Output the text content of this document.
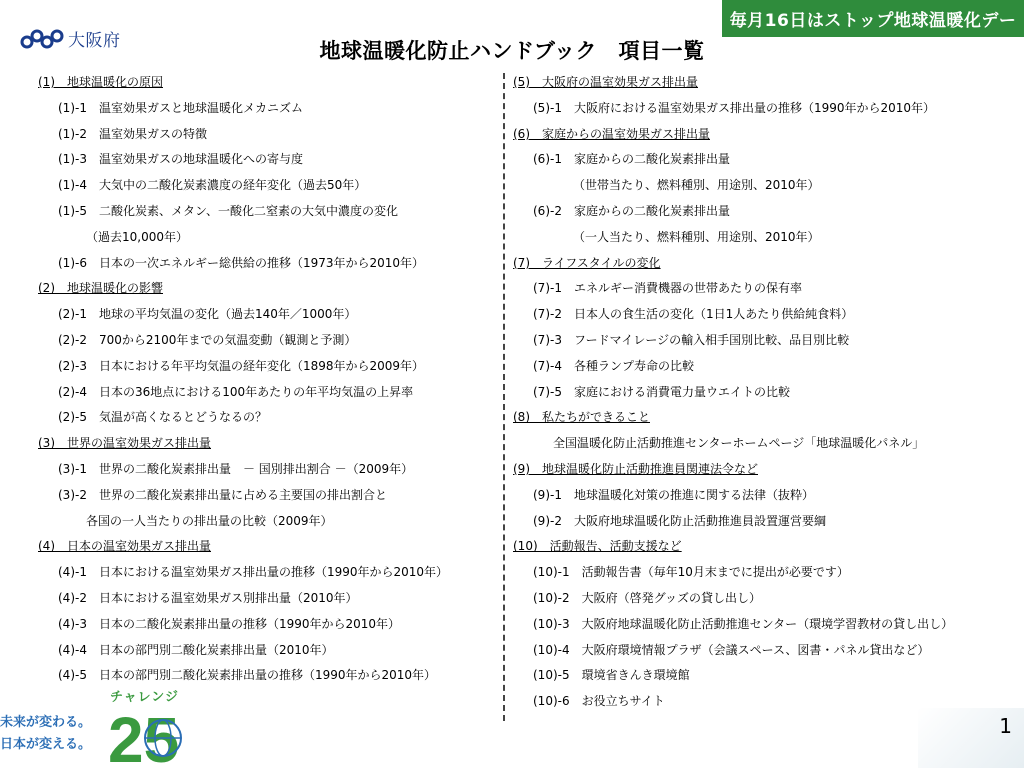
大阪府
毎月16日はストップ地球温暖化デー
地球温暖化防止ハンドブック　項目一覧
(1)　地球温暖化の原因
(1)-1　温室効果ガスと地球温暖化メカニズム
(1)-2　温室効果ガスの特徴
(1)-3　温室効果ガスの地球温暖化への寄与度
(1)-4　大気中の二酸化炭素濃度の経年変化（過去50年）
(1)-5　二酸化炭素、メタン、一酸化二窒素の大気中濃度の変化
（過去10,000年）
(1)-6　日本の一次エネルギー総供給の推移（1973年から2010年）
(2)　地球温暖化の影響
(2)-1　地球の平均気温の変化（過去140年／1000年）
(2)-2　700から2100年までの気温変動（観測と予測）
(2)-3　日本における年平均気温の経年変化（1898年から2009年）
(2)-4　日本の36地点における100年あたりの年平均気温の上昇率
(2)-5　気温が高くなるとどうなるの？
(3)　世界の温室効果ガス排出量
(3)-1　世界の二酸化炭素排出量　－ 国別排出割合 －（2009年）
(3)-2　世界の二酸化炭素排出量に占める主要国の排出割合と
各国の一人当たりの排出量の比較（2009年）
(4)　日本の温室効果ガス排出量
(4)-1　日本における温室効果ガス排出量の推移（1990年から2010年）
(4)-2　日本における温室効果ガス別排出量（2010年）
(4)-3　日本の二酸化炭素排出量の推移（1990年から2010年）
(4)-4　日本の部門別二酸化炭素排出量（2010年）
(4)-5　日本の部門別二酸化炭素排出量の推移（1990年から2010年）
(5)　大阪府の温室効果ガス排出量
(5)-1　大阪府における温室効果ガス排出量の推移（1990年から2010年）
(6)　家庭からの温室効果ガス排出量
(6)-1　家庭からの二酸化炭素排出量
（世帯当たり、燃料種別、用途別、2010年）
(6)-2　家庭からの二酸化炭素排出量
（一人当たり、燃料種別、用途別、2010年）
(7)　ライフスタイルの変化
(7)-1　エネルギー消費機器の世帯あたりの保有率
(7)-2　日本人の食生活の変化（1日1人あたり供給純食料）
(7)-3　フードマイレージの輸入相手国別比較、品目別比較
(7)-4　各種ランプ寿命の比較
(7)-5　家庭における消費電力量ウエイトの比較
(8)　私たちができること
全国温暖化防止活動推進センターホームページ「地球温暖化パネル」
(9)　地球温暖化防止活動推進員関連法令など
(9)-1　地球温暖化対策の推進に関する法律（抜粋）
(9)-2　大阪府地球温暖化防止活動推進員設置運営要綱
(10)　活動報告、活動支援など
(10)-1　活動報告書（毎年10月末までに提出が必要です）
(10)-2　大阪府（啓発グッズの貸し出し）
(10)-3　大阪府地球温暖化防止活動推進センター（環境学習教材の貸し出し）
(10)-4　大阪府環境情報プラザ（会議スペース、図書・パネル貸出など）
(10)-5　環境省きんき環境館
(10)-6　お役立ちサイト
未来が変わる。
日本が変える。
チャレンジ
25	1
